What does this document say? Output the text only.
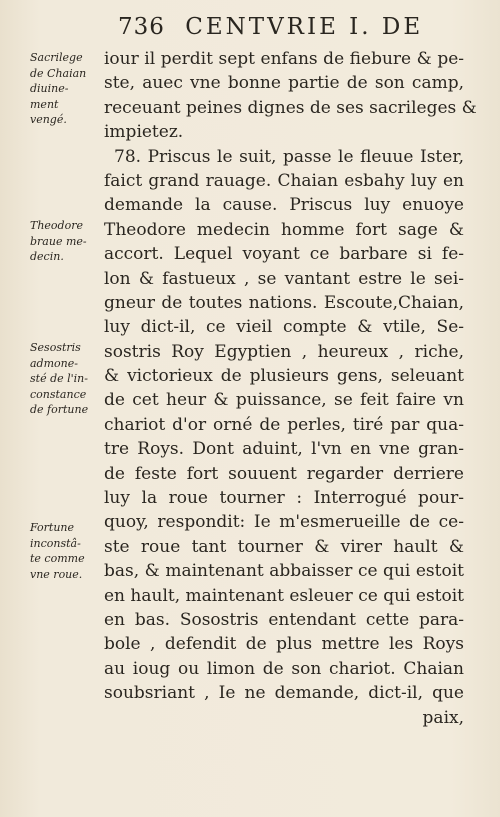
736 CENTVRIE I. DE
Sacrilege
de Chaian
diuine-
ment
vengé.
Theodore
braue me-
decin.
Sesostris
admone-
sté de l'in-
constance
de fortune
Fortune
inconstâ-
te comme
vne roue.
iour il perdit sept enfans de fiebure & pe-
ste, auec vne bonne partie de son camp,
receuant peines dignes de ses sacrileges &
impietez.
78. Priscus le suit, passe le fleuue Ister,
faict grand rauage. Chaian esbahy luy en
demande la cause. Priscus luy enuoye
Theodore medecin homme fort sage &
accort. Lequel voyant ce barbare si fe-
lon & fastueux , se vantant estre le sei-
gneur de toutes nations. Escoute,Chaian,
luy dict-il, ce vieil compte & vtile, Se-
sostris Roy Egyptien , heureux , riche,
& victorieux de plusieurs gens, seleuant
de cet heur & puissance, se feit faire vn
chariot d'or orné de perles, tiré par qua-
tre Roys. Dont aduint, l'vn en vne gran-
de feste fort souuent regarder derriere
luy la roue tourner : Interrogué pour-
quoy, respondit: Ie m'esmerueille de ce-
ste roue tant tourner & virer hault &
bas, & maintenant abbaisser ce qui estoit
en hault, maintenant esleuer ce qui estoit
en bas. Sosostris entendant cette para-
bole , defendit de plus mettre les Roys
au ioug ou limon de son chariot. Chaian
soubsriant , Ie ne demande, dict-il, que
paix,
